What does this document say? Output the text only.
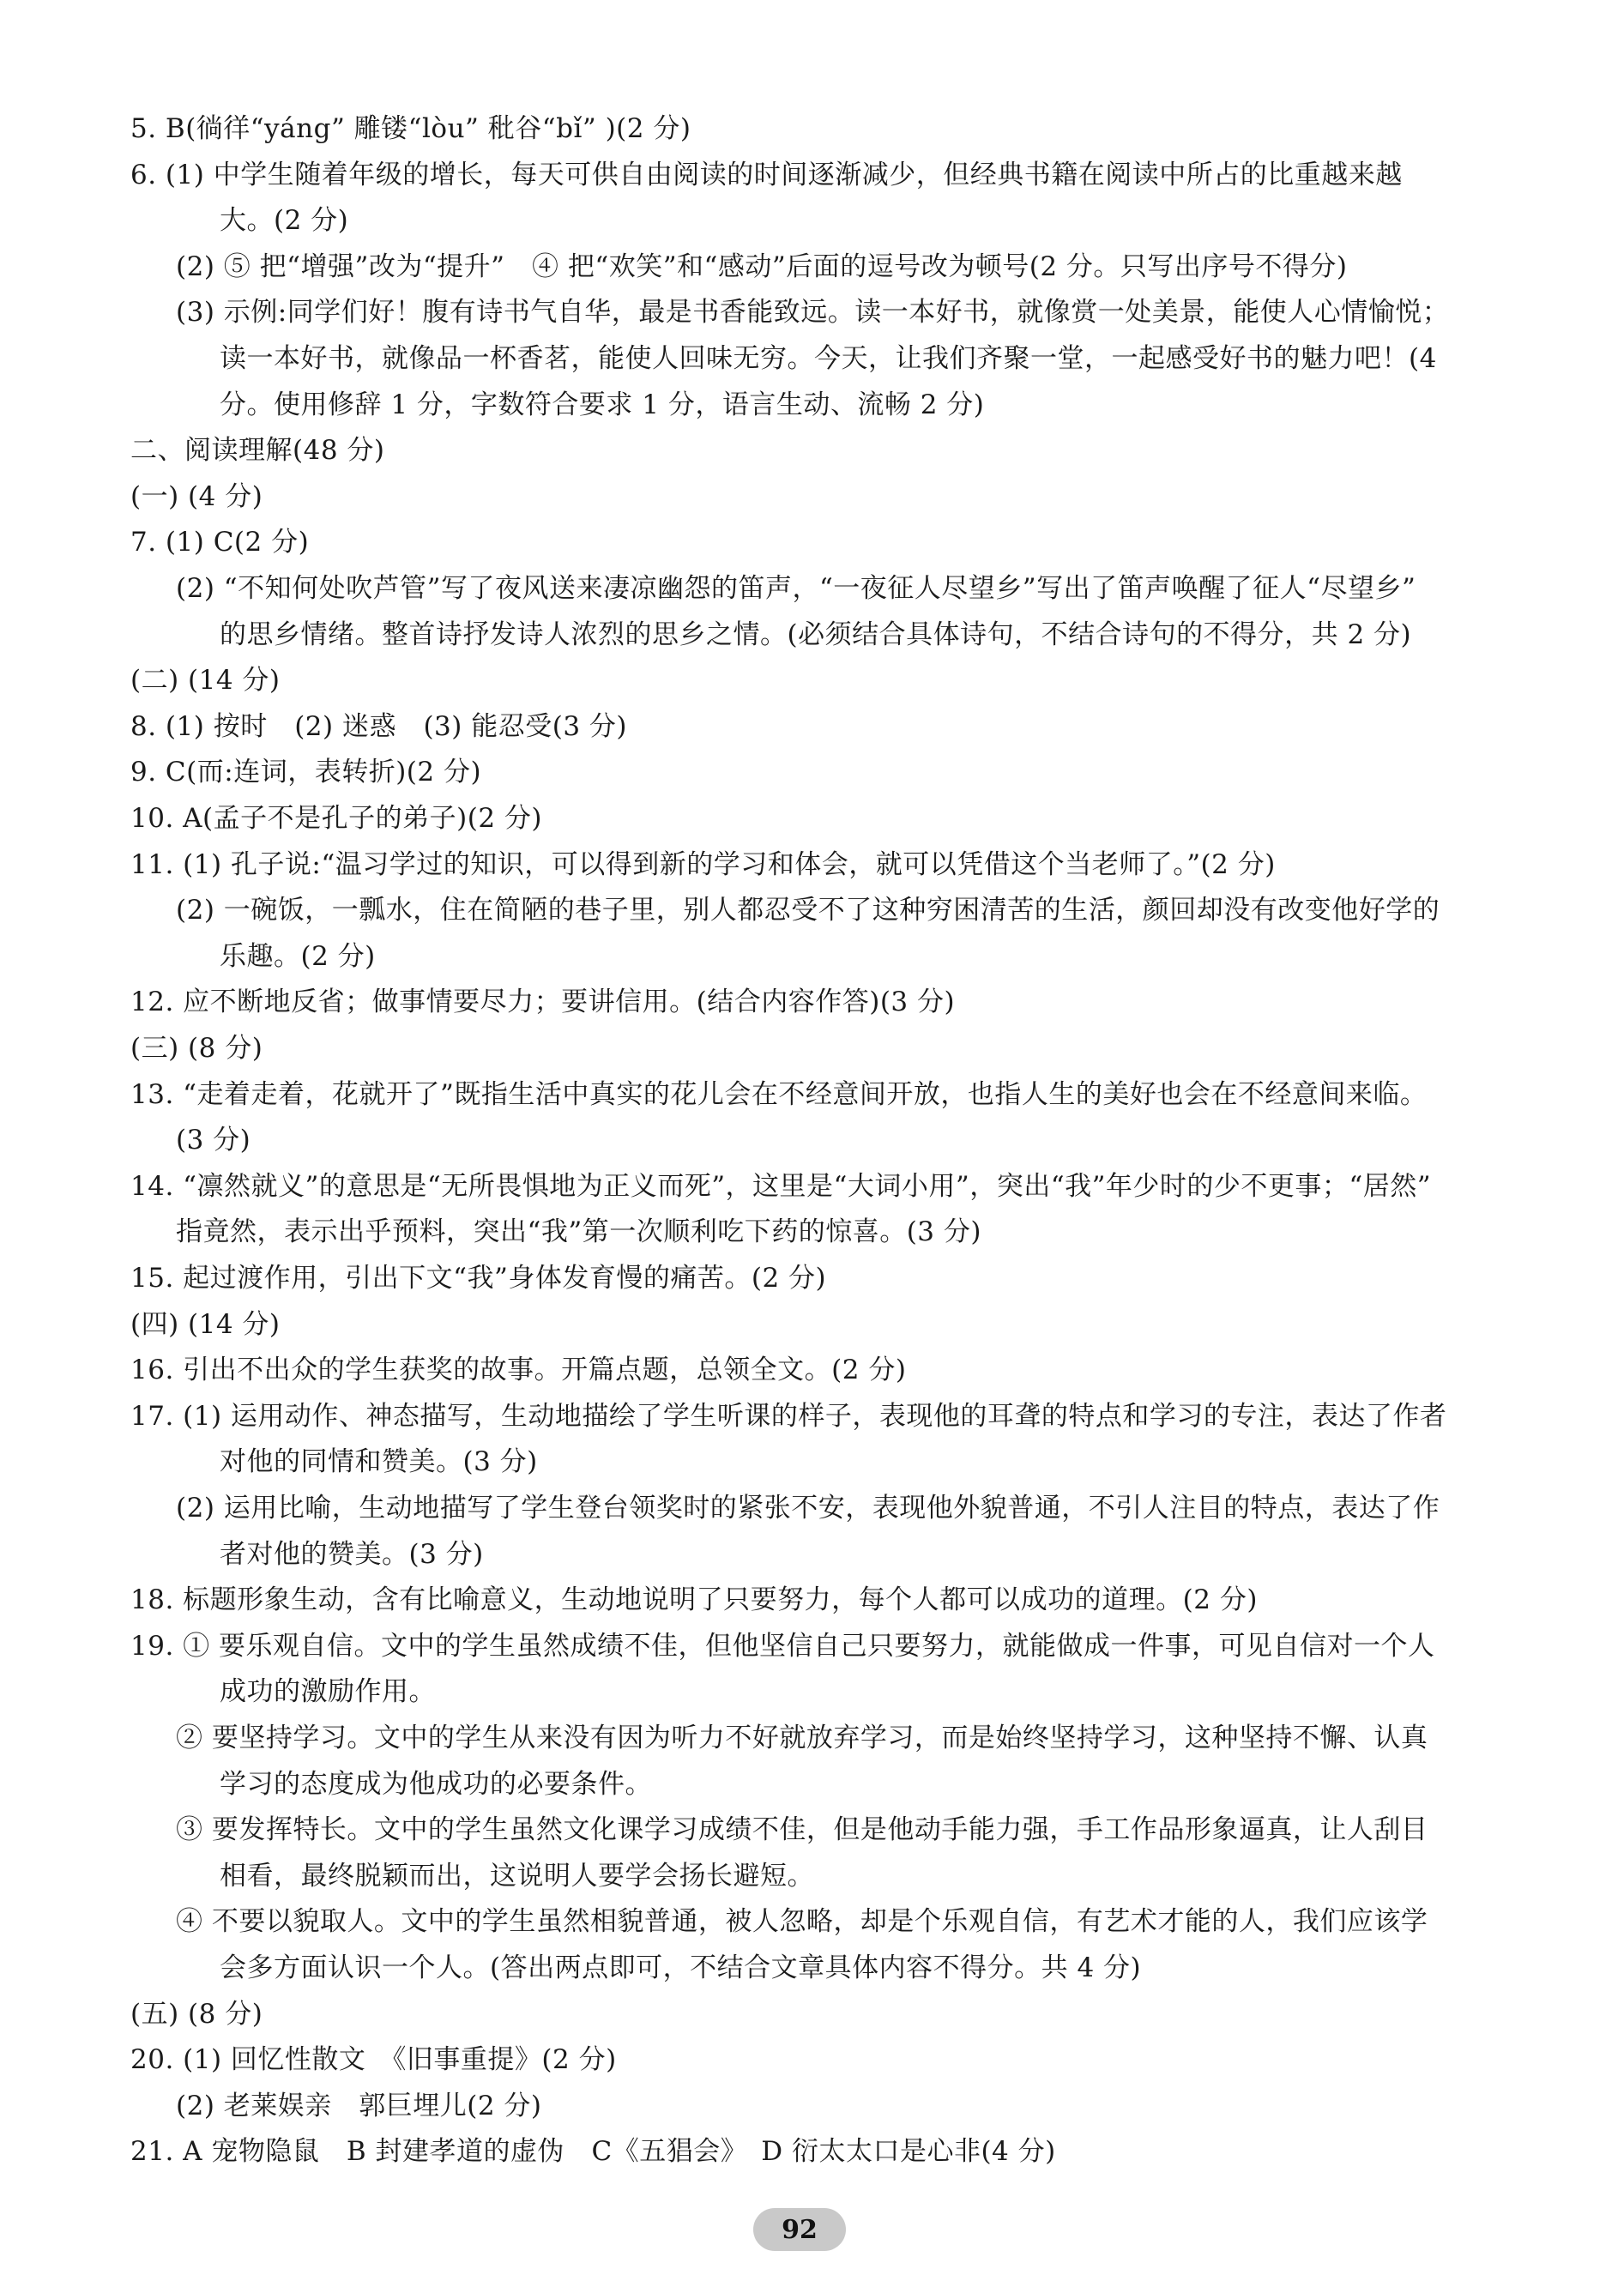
5. B(徜徉“yáng” 雕镂“lòu” 秕谷“bǐ” )(2 分)
6. (1) 中学生随着年级的增长，每天可供自由阅读的时间逐渐减少，但经典书籍在阅读中所占的比重越来越
大。(2 分)
(2) ⑤ 把“增强”改为“提升”　④ 把“欢笑”和“感动”后面的逗号改为顿号(2 分。只写出序号不得分)
(3) 示例:同学们好！腹有诗书气自华，最是书香能致远。读一本好书，就像赏一处美景，能使人心情愉悦；
读一本好书，就像品一杯香茗，能使人回味无穷。今天，让我们齐聚一堂，一起感受好书的魅力吧！(4
分。使用修辞 1 分，字数符合要求 1 分，语言生动、流畅 2 分)
二、阅读理解(48 分)
(一) (4 分)
7. (1) C(2 分)
(2) “不知何处吹芦管”写了夜风送来凄凉幽怨的笛声，“一夜征人尽望乡”写出了笛声唤醒了征人“尽望乡”
的思乡情绪。整首诗抒发诗人浓烈的思乡之情。(必须结合具体诗句，不结合诗句的不得分，共 2 分)
(二) (14 分)
8. (1) 按时　(2) 迷惑　(3) 能忍受(3 分)
9. C(而:连词，表转折)(2 分)
10. A(孟子不是孔子的弟子)(2 分)
11. (1) 孔子说:“温习学过的知识，可以得到新的学习和体会，就可以凭借这个当老师了。”(2 分)
(2) 一碗饭，一瓢水，住在简陋的巷子里，别人都忍受不了这种穷困清苦的生活，颜回却没有改变他好学的
乐趣。(2 分)
12. 应不断地反省；做事情要尽力；要讲信用。(结合内容作答)(3 分)
(三) (8 分)
13. “走着走着，花就开了”既指生活中真实的花儿会在不经意间开放，也指人生的美好也会在不经意间来临。
(3 分)
14. “凛然就义”的意思是“无所畏惧地为正义而死”，这里是“大词小用”，突出“我”年少时的少不更事；“居然”
指竟然，表示出乎预料，突出“我”第一次顺利吃下药的惊喜。(3 分)
15. 起过渡作用，引出下文“我”身体发育慢的痛苦。(2 分)
(四) (14 分)
16. 引出不出众的学生获奖的故事。开篇点题，总领全文。(2 分)
17. (1) 运用动作、神态描写，生动地描绘了学生听课的样子，表现他的耳聋的特点和学习的专注，表达了作者
对他的同情和赞美。(3 分)
(2) 运用比喻，生动地描写了学生登台领奖时的紧张不安，表现他外貌普通，不引人注目的特点，表达了作
者对他的赞美。(3 分)
18. 标题形象生动，含有比喻意义，生动地说明了只要努力，每个人都可以成功的道理。(2 分)
19. ① 要乐观自信。文中的学生虽然成绩不佳，但他坚信自己只要努力，就能做成一件事，可见自信对一个人
成功的激励作用。
② 要坚持学习。文中的学生从来没有因为听力不好就放弃学习，而是始终坚持学习，这种坚持不懈、认真
学习的态度成为他成功的必要条件。
③ 要发挥特长。文中的学生虽然文化课学习成绩不佳，但是他动手能力强，手工作品形象逼真，让人刮目
相看，最终脱颖而出，这说明人要学会扬长避短。
④ 不要以貌取人。文中的学生虽然相貌普通，被人忽略，却是个乐观自信，有艺术才能的人，我们应该学
会多方面认识一个人。(答出两点即可，不结合文章具体内容不得分。共 4 分)
(五) (8 分)
20. (1) 回忆性散文　《旧事重提》(2 分)
(2) 老莱娱亲　郭巨埋儿(2 分)
21. A 宠物隐鼠　B 封建孝道的虚伪　C《五猖会》　D 衍太太口是心非(4 分)
92
